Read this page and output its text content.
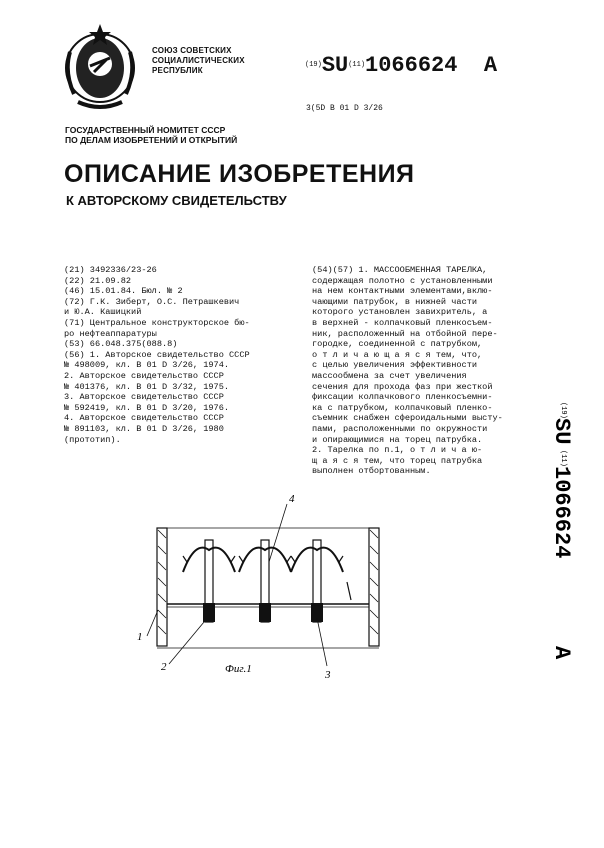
СОЮЗ СОВЕТСКИХ
СОЦИАЛИСТИЧЕСКИХ
РЕСПУБЛИК
(19)SU(11)1066624 A
3(5D B 01 D 3/26
ГОСУДАРСТВЕННЫЙ НОМИТЕТ СССР
ПО ДЕЛАМ ИЗОБРЕТЕНИЙ И ОТКРЫТИЙ
ОПИСАНИЕ ИЗОБРЕТЕНИЯ
К АВТОРСКОМУ СВИДЕТЕЛЬСТВУ
(21) 3492336/23-26
(22) 21.09.82
(46) 15.01.84. Бюл. № 2
(72) Г.К. Зиберт, О.С. Петрашкевич
и Ю.А. Кашицкий
(71) Центральное конструкторское бю-
ро нефтеаппаратуры
(53) 66.048.375(088.8)
(56) 1. Авторское свидетельство СССР
№ 498009, кл. В 01 D 3/26, 1974.
2. Авторское свидетельство СССР
№ 401376, кл. В 01 D 3/32, 1975.
3. Авторское свидетельство СССР
№ 592419, кл. В 01 D 3/20, 1976.
4. Авторское свидетельство СССР
№ 891103, кл. В 01 D 3/26, 1980
(прототип).
(54)(57) 1. МАССООБМЕННАЯ ТАРЕЛКА,
содержащая полотно с установленными
на нем контактными элементами,вклю-
чающими патрубок, в нижней части
которого установлен завихритель, а
в верхней - колпачковый пленкосъем-
ник, расположенный на отбойной пере-
городке, соединенной с патрубком,
о т л и ч а ю щ а я с я тем, что,
с целью увеличения эффективности
массообмена за счет увеличения
сечения для прохода фаз при жесткой
фиксации колпачкового пленкосъемни-
ка с патрубком, колпачковый пленко-
съемник снабжен сфероидальными высту-
пами, расположенными по окружности
и опирающимися на торец патрубка.
2. Тарелка по п.1, о т л и ч а ю-
щ а я с я тем, что торец патрубка
выполнен отбортованным.
(19)
SU
(11)
1066624
A
4
1
2
3
Фиг.1
